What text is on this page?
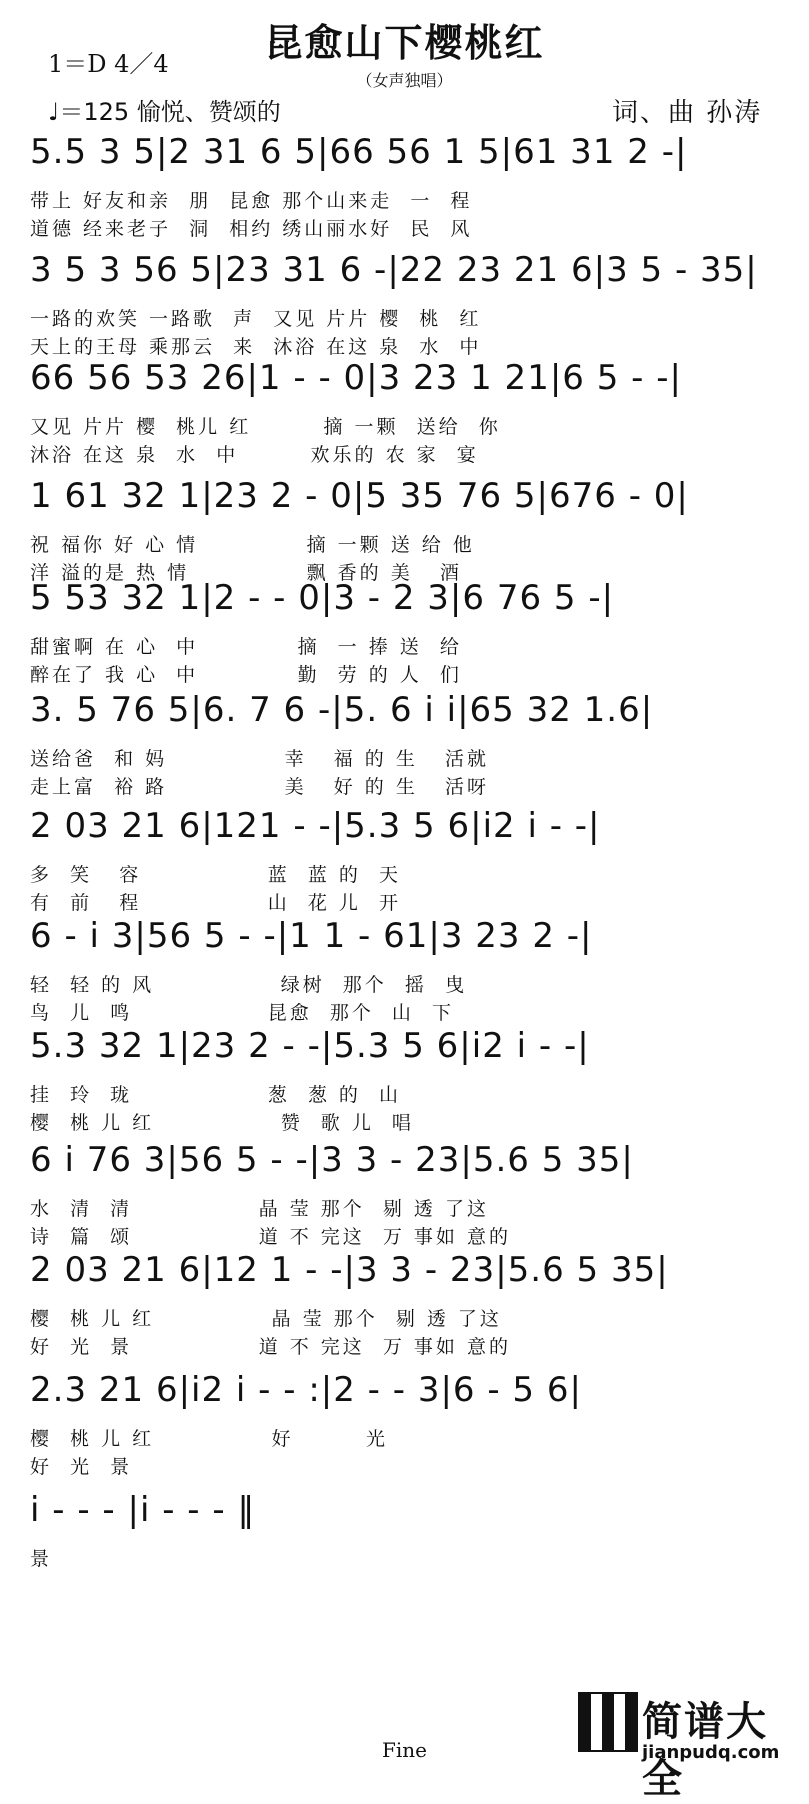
昆愈山下樱桃红
（女声独唱）
1＝D 4／4
♩＝125 愉悦、赞颂的	词、曲 孙涛
5.5 3 5|2 31 6 5|66 56 1 5|61 31 2 -|
带上 好友和亲  朋  昆愈 那个山来走  一  程
道德 经来老子  洞  相约 绣山丽水好  民  风
3 5 3 56 5|23 31 6 -|22 23 21 6|3 5 - 35|
一路的欢笑 一路歌  声  又见 片片 樱  桃  红
天上的王母 乘那云  来  沐浴 在这 泉  水  中
66 56 53 26|1 - - 0|3 23 1 21|6 5 - -|
又见 片片 樱  桃儿 红        摘 一颗  送给  你
沐浴 在这 泉  水  中        欢乐的 农 家  宴
1 61 32 1|23 2 - 0|5 35 76 5|676 - 0|
祝 福你 好 心 情            摘 一颗 送 给 他
洋 溢的是 热 情             飘 香的 美   酒
5 53 32 1|2 - - 0|3 - 2 3|6 76 5 -|
甜蜜啊 在 心  中           摘  一 捧 送  给
醉在了 我 心  中           勤  劳 的 人  们
3. 5 76 5|6. 7 6 -|5. 6 i i|65 32 1.6|
送给爸  和 妈             幸   福 的 生   活就
走上富  裕 路             美   好 的 生   活呀
2 03 21 6|121 - -|5.3 5 6|i2 i - -|
多  笑   容              蓝  蓝 的  天
有  前   程              山  花 儿  开
6 - i 3|56 5 - -|1 1 - 61|3 23 2 -|
轻  轻 的 风              绿树  那个  摇  曳
鸟  儿  鸣               昆愈  那个  山  下
5.3 32 1|23 2 - -|5.3 5 6|i2 i - -|
挂  玲  珑               葱  葱 的  山
樱  桃 儿 红              赞  歌 儿  唱
6 i 76 3|56 5 - -|3 3 - 23|5.6 5 35|
水  清  清              晶 莹 那个  剔 透 了这
诗  篇  颂              道 不 完这  万 事如 意的
2 03 21 6|12 1 - -|3 3 - 23|5.6 5 35|
樱  桃 儿 红             晶 莹 那个  剔 透 了这
好  光  景              道 不 完这  万 事如 意的
2.3 21 6|i2 i - - :|2 - - 3|6 - 5 6|
樱  桃 儿 红             好        光
好  光  景
i - - - |i - - - ‖
景
Fine
简谱大全
jianpudq.com
